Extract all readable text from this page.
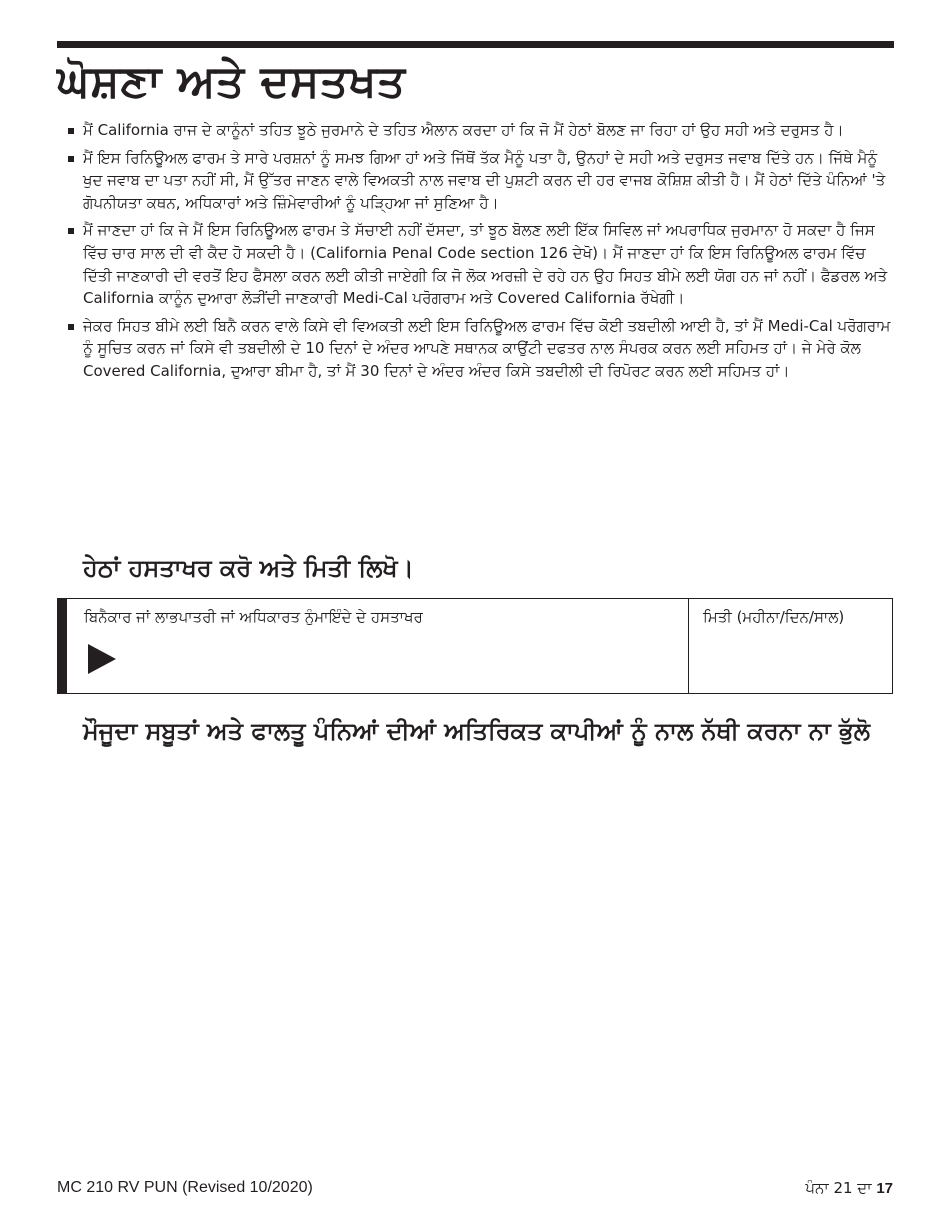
ਘੋਸ਼ਣਾ ਅਤੇ ਦਸਤਖਤ
ਮੈਂ California ਰਾਜ ਦੇ ਕਾਨੂੰਨਾਂ ਤਹਿਤ ਝੂਠੇ ਜੁਰਮਾਨੇ ਦੇ ਤਹਿਤ ਐਲਾਨ ਕਰਦਾ ਹਾਂ ਕਿ ਜੋ ਮੈਂ ਹੇਠਾਂ ਬੋਲਣ ਜਾ ਰਿਹਾ ਹਾਂ ਉਹ ਸਹੀ ਅਤੇ ਦਰੁਸਤ ਹੈ।
ਮੈਂ ਇਸ ਰਿਨਿਊਅਲ ਫਾਰਮ ਤੇ ਸਾਰੇ ਪਰਸ਼ਨਾਂ ਨੂੰ ਸਮਝ ਗਿਆ ਹਾਂ ਅਤੇ ਜਿੱਥੋਂ ਤੱਕ ਮੈਨੂੰ ਪਤਾ ਹੈ, ਉਨਹਾਂ ਦੇ ਸਹੀ ਅਤੇ ਦਰੁਸਤ ਜਵਾਬ ਦਿੱਤੇ ਹਨ। ਜਿੱਥੇ ਮੈਨੂੰ ਖੁਦ ਜਵਾਬ ਦਾ ਪਤਾ ਨਹੀਂ ਸੀ, ਮੈਂ ਉੱਤਰ ਜਾਣਨ ਵਾਲੇ ਵਿਅਕਤੀ ਨਾਲ ਜਵਾਬ ਦੀ ਪੁਸ਼ਟੀ ਕਰਨ ਦੀ ਹਰ ਵਾਜਬ ਕੋਸ਼ਿਸ਼ ਕੀਤੀ ਹੈ। ਮੈਂ ਹੇਠਾਂ ਦਿੱਤੇ ਪੰਨਿਆਂ 'ਤੇ ਗੋਪਨੀਯਤਾ ਕਥਨ, ਅਧਿਕਾਰਾਂ ਅਤੇ ਜ਼ਿੰਮੇਵਾਰੀਆਂ ਨੂੰ ਪੜ੍ਹਿਆ ਜਾਂ ਸੁਣਿਆ ਹੈ।
ਮੈਂ ਜਾਣਦਾ ਹਾਂ ਕਿ ਜੇ ਮੈਂ ਇਸ ਰਿਨਿਊਅਲ ਫਾਰਮ ਤੇ ਸੱਚਾਈ ਨਹੀਂ ਦੱਸਦਾ, ਤਾਂ ਝੂਠ ਬੋਲਣ ਲਈ ਇੱਕ ਸਿਵਿਲ ਜਾਂ ਅਪਰਾਧਿਕ ਜੁਰਮਾਨਾ ਹੋ ਸਕਦਾ ਹੈ ਜਿਸ ਵਿੱਚ ਚਾਰ ਸਾਲ ਦੀ ਵੀ ਕੈਦ ਹੋ ਸਕਦੀ ਹੈ। (California Penal Code section 126 ਦੇਖੋ)। ਮੈਂ ਜਾਣਦਾ ਹਾਂ ਕਿ ਇਸ ਰਿਨਿਊਅਲ ਫਾਰਮ ਵਿੱਚ ਦਿੱਤੀ ਜਾਣਕਾਰੀ ਦੀ ਵਰਤੋਂ ਇਹ ਫੈਸਲਾ ਕਰਨ ਲਈ ਕੀਤੀ ਜਾਏਗੀ ਕਿ ਜੋ ਲੋਕ ਅਰਜ਼ੀ ਦੇ ਰਹੇ ਹਨ ਉਹ ਸਿਹਤ ਬੀਮੇ ਲਈ ਯੋਗ ਹਨ ਜਾਂ ਨਹੀਂ। ਫੈਡਰਲ ਅਤੇ California ਕਾਨੂੰਨ ਦੁਆਰਾ ਲੋੜੀਂਦੀ ਜਾਣਕਾਰੀ Medi-Cal ਪਰੋਗਰਾਮ ਅਤੇ Covered California ਰੱਖੇਗੀ।
ਜੇਕਰ ਸਿਹਤ ਬੀਮੇ ਲਈ ਬਿਨੈ ਕਰਨ ਵਾਲੇ ਕਿਸੇ ਵੀ ਵਿਅਕਤੀ ਲਈ ਇਸ ਰਿਨਿਊਅਲ ਫਾਰਮ ਵਿੱਚ ਕੋਈ ਤਬਦੀਲੀ ਆਈ ਹੈ, ਤਾਂ ਮੈਂ Medi-Cal ਪਰੋਗਰਾਮ ਨੂੰ ਸੂਚਿਤ ਕਰਨ ਜਾਂ ਕਿਸੇ ਵੀ ਤਬਦੀਲੀ ਦੇ 10 ਦਿਨਾਂ ਦੇ ਅੰਦਰ ਆਪਣੇ ਸਥਾਨਕ ਕਾਉਂਟੀ ਦਫਤਰ ਨਾਲ ਸੰਪਰਕ ਕਰਨ ਲਈ ਸਹਿਮਤ ਹਾਂ। ਜੇ ਮੇਰੇ ਕੋਲ Covered California, ਦੁਆਰਾ ਬੀਮਾ ਹੈ, ਤਾਂ ਮੈਂ 30 ਦਿਨਾਂ ਦੇ ਅੰਦਰ ਅੰਦਰ ਕਿਸੇ ਤਬਦੀਲੀ ਦੀ ਰਿਪੋਰਟ ਕਰਨ ਲਈ ਸਹਿਮਤ ਹਾਂ।
ਹੇਠਾਂ ਹਸਤਾਖਰ ਕਰੋ ਅਤੇ ਮਿਤੀ ਲਿਖੋ।
ਬਿਨੈਕਾਰ ਜਾਂ ਲਾਭਪਾਤਰੀ ਜਾਂ ਅਧਿਕਾਰਤ ਨੁੰਮਾਇੰਦੇ ਦੇ ਹਸਤਾਖਰ	ਮਿਤੀ (ਮਹੀਨਾ/ਦਿਨ/ਸਾਲ)
ਮੌਜੂਦਾ ਸਬੂਤਾਂ ਅਤੇ ਫਾਲਤੂ ਪੰਨਿਆਂ ਦੀਆਂ ਅਤਿਰਿਕਤ ਕਾਪੀਆਂ ਨੂੰ ਨਾਲ ਨੱਥੀ ਕਰਨਾ ਨਾ ਭੁੱਲੋ
MC 210 RV PUN (Revised 10/2020)	ਪੰਨਾ 21 ਦਾ 17
